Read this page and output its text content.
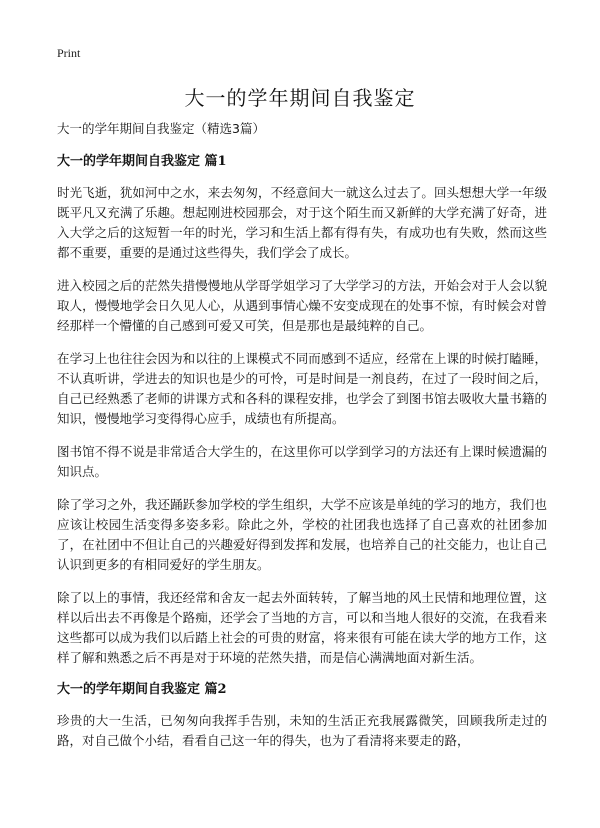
Print
大一的学年期间自我鉴定

大一的学年期间自我鉴定（精选3篇）

大一的学年期间自我鉴定 篇1

时光飞逝，犹如河中之水，来去匆匆，不经意间大一就这么过去了。回头想想大学一年级既平凡又充满了乐趣。想起刚进校园那会，对于这个陌生而又新鲜的大学充满了好奇，进入大学之后的这短暂一年的时光，学习和生活上都有得有失，有成功也有失败，然而这些都不重要，重要的是通过这些得失，我们学会了成长。

进入校园之后的茫然失措慢慢地从学哥学姐学习了大学学习的方法，开始会对于人会以貌取人，慢慢地学会日久见人心，从遇到事情心燥不安变成现在的处事不惊，有时候会对曾经那样一个懵懂的自己感到可爱又可笑，但是那也是最纯粹的自己。

在学习上也往往会因为和以往的上课模式不同而感到不适应，经常在上课的时候打瞌睡，不认真听讲，学进去的知识也是少的可怜，可是时间是一剂良药，在过了一段时间之后，自己已经熟悉了老师的讲课方式和各科的课程安排，也学会了到图书馆去吸收大量书籍的知识，慢慢地学习变得得心应手，成绩也有所提高。

图书馆不得不说是非常适合大学生的，在这里你可以学到学习的方法还有上课时候遗漏的知识点。

除了学习之外，我还踊跃参加学校的学生组织，大学不应该是单纯的学习的地方，我们也应该让校园生活变得多姿多彩。除此之外，学校的社团我也选择了自己喜欢的社团参加了，在社团中不但让自己的兴趣爱好得到发挥和发展，也培养自己的社交能力，也让自己认识到更多的有相同爱好的学生朋友。

除了以上的事情，我还经常和舍友一起去外面转转，了解当地的风土民情和地理位置，这样以后出去不再像是个路痴，还学会了当地的方言，可以和当地人很好的交流，在我看来这些都可以成为我们以后踏上社会的可贵的财富，将来很有可能在读大学的地方工作，这样了解和熟悉之后不再是对于环境的茫然失措，而是信心满满地面对新生活。

大一的学年期间自我鉴定 篇2

珍贵的大一生活，已匆匆向我挥手告别，未知的生活正充我展露微笑，回顾我所走过的路，对自己做个小结，看看自己这一年的得失，也为了看清将来要走的路，
